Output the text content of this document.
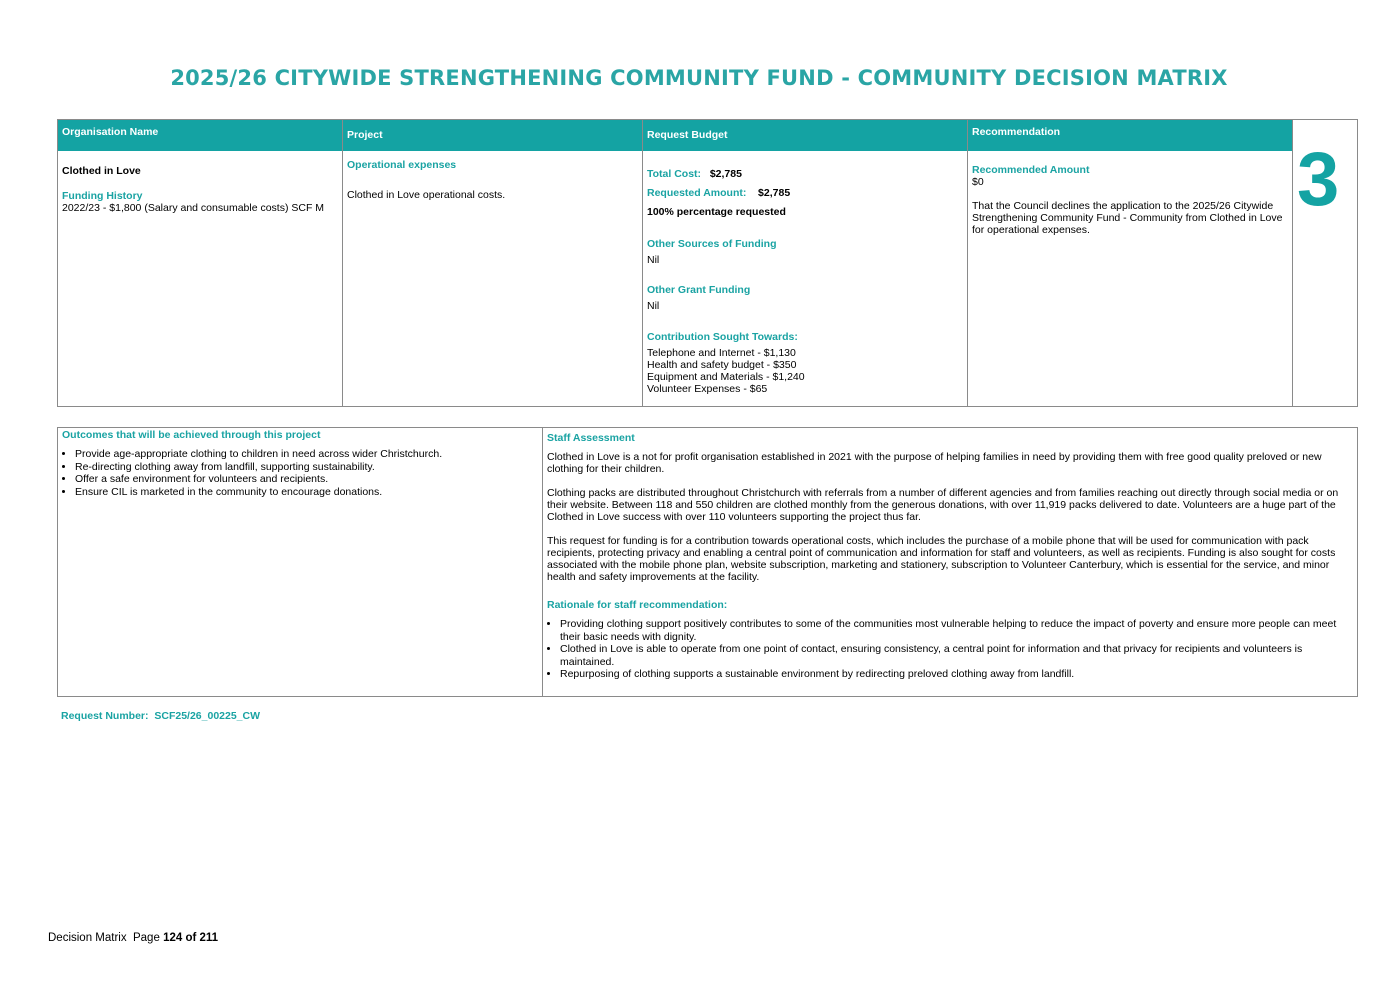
2025/26 CITYWIDE STRENGTHENING COMMUNITY FUND - COMMUNITY DECISION MATRIX
Organisation Name
Clothed in Love
Funding History
2022/23 - $1,800 (Salary and consumable costs) SCF M
Project
Operational expenses
Clothed in Love operational costs.
Request Budget
Total Cost: $2,785
Requested Amount: $2,785
100% percentage requested
Other Sources of Funding
Nil
Other Grant Funding
Nil
Contribution Sought Towards:
Telephone and Internet - $1,130
Health and safety budget - $350
Equipment and Materials - $1,240
Volunteer Expenses - $65
Recommendation
Recommended Amount
$0
That the Council declines the application to the 2025/26 Citywide Strengthening Community Fund - Community from Clothed in Love for operational expenses.
3
Outcomes that will be achieved through this project
• Provide age-appropriate clothing to children in need across wider Christchurch.
• Re-directing clothing away from landfill, supporting sustainability.
• Offer a safe environment for volunteers and recipients.
• Ensure CIL is marketed in the community to encourage donations.
Staff Assessment

Clothed in Love is a not for profit organisation established in 2021 with the purpose of helping families in need by providing them with free good quality preloved or new clothing for their children.

Clothing packs are distributed throughout Christchurch with referrals from a number of different agencies and from families reaching out directly through social media or on their website. Between 118 and 550 children are clothed monthly from the generous donations, with over 11,919 packs delivered to date. Volunteers are a huge part of the Clothed in Love success with over 110 volunteers supporting the project thus far.

This request for funding is for a contribution towards operational costs, which includes the purchase of a mobile phone that will be used for communication with pack recipients, protecting privacy and enabling a central point of communication and information for staff and volunteers, as well as recipients. Funding is also sought for costs associated with the mobile phone plan, website subscription, marketing and stationery, subscription to Volunteer Canterbury, which is essential for the service, and minor health and safety improvements at the facility.

Rationale for staff recommendation:
• Providing clothing support positively contributes to some of the communities most vulnerable helping to reduce the impact of poverty and ensure more people can meet their basic needs with dignity.
• Clothed in Love is able to operate from one point of contact, ensuring consistency, a central point for information and that privacy for recipients and volunteers is maintained.
• Repurposing of clothing supports a sustainable environment by redirecting preloved clothing away from landfill.
Request Number: SCF25/26_00225_CW
Decision Matrix  Page 124 of 211
